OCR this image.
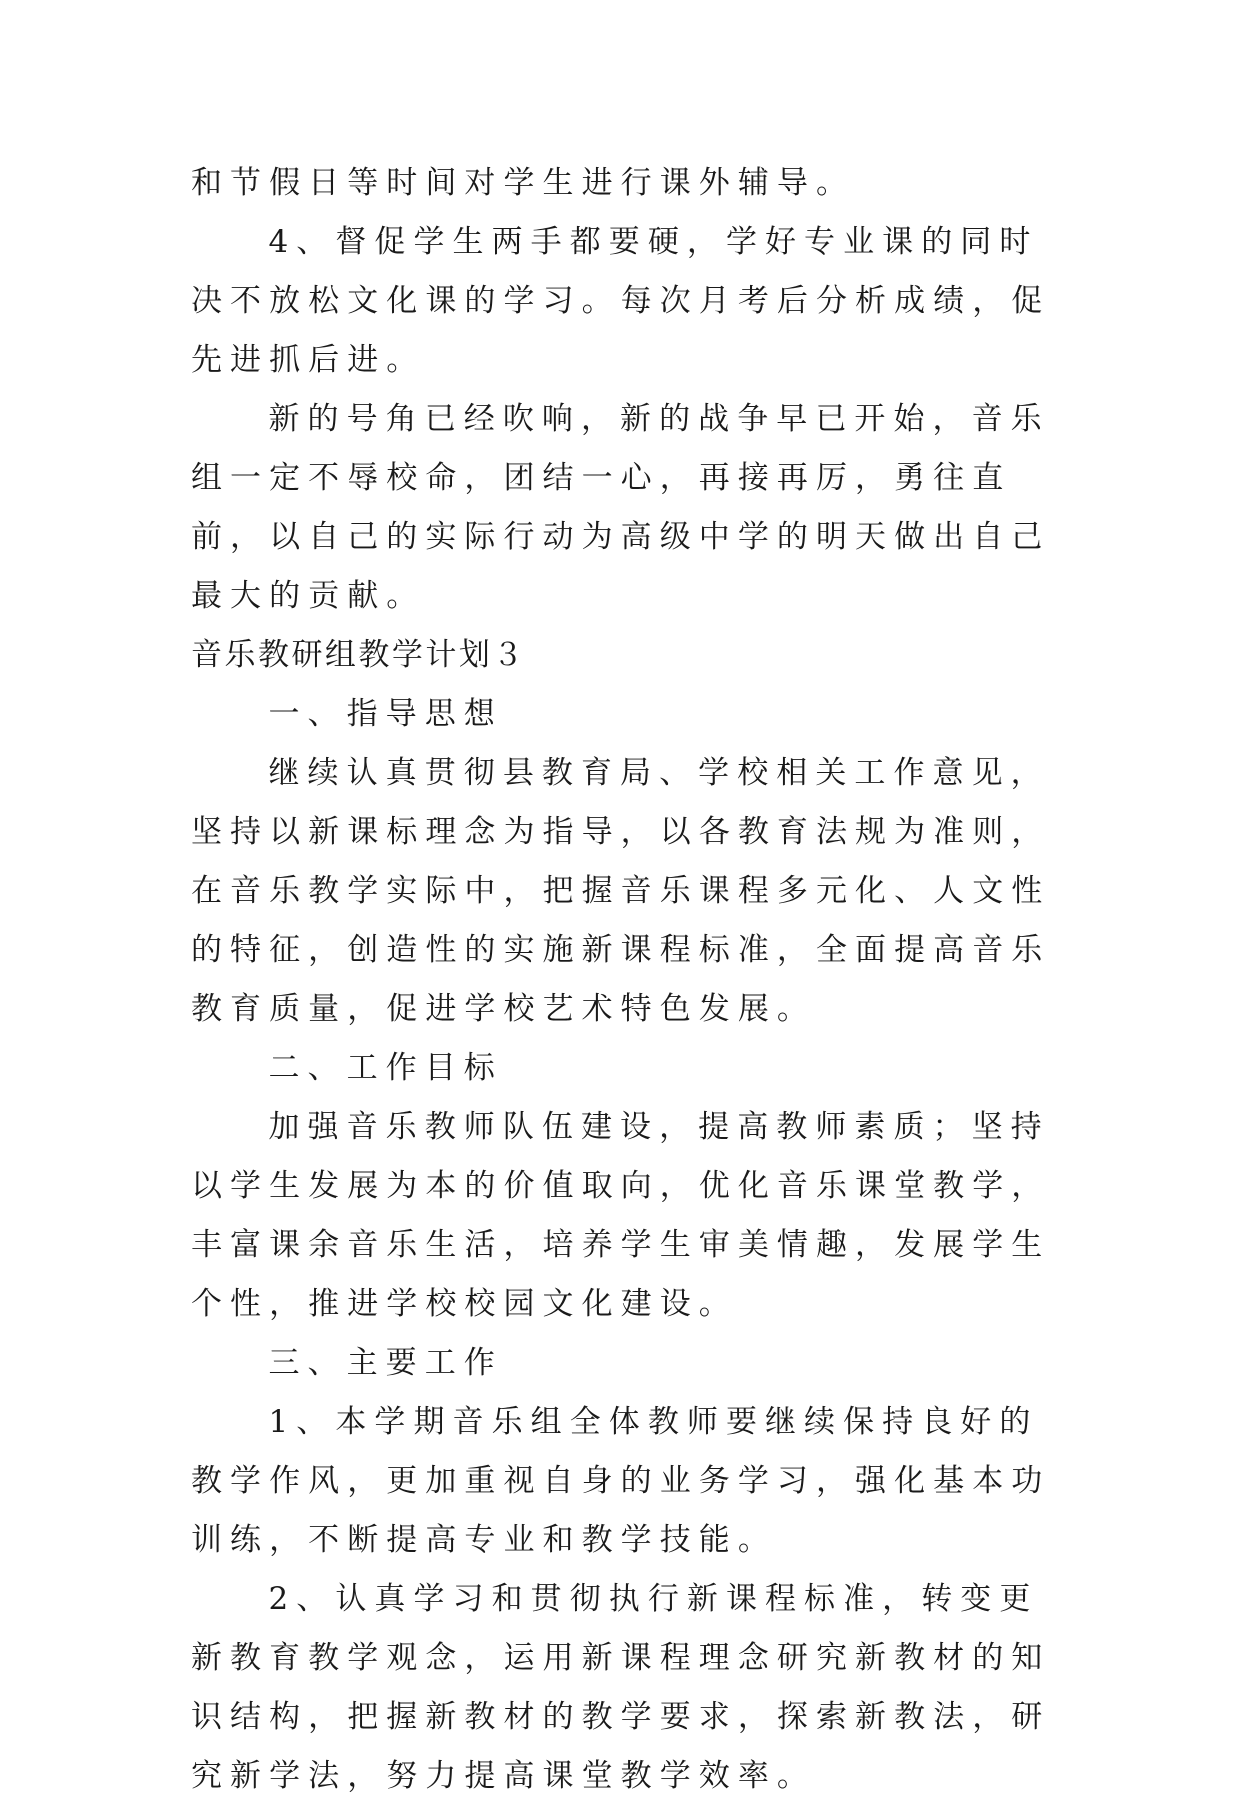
和节假日等时间对学生进行课外辅导。

4、督促学生两手都要硬，学好专业课的同时决不放松文化课的学习。每次月考后分析成绩，促先进抓后进。

新的号角已经吹响，新的战争早已开始，音乐组一定不辱校命，团结一心，再接再厉，勇往直前，以自己的实际行动为高级中学的明天做出自己最大的贡献。

音乐教研组教学计划３

一、指导思想

继续认真贯彻县教育局、学校相关工作意见，坚持以新课标理念为指导，以各教育法规为准则，在音乐教学实际中，把握音乐课程多元化、人文性的特征，创造性的实施新课程标准，全面提高音乐教育质量，促进学校艺术特色发展。

二、工作目标

加强音乐教师队伍建设，提高教师素质；坚持以学生发展为本的价值取向，优化音乐课堂教学，丰富课余音乐生活，培养学生审美情趣，发展学生个性，推进学校校园文化建设。

三、主要工作

1、本学期音乐组全体教师要继续保持良好的教学作风，更加重视自身的业务学习，强化基本功训练，不断提高专业和教学技能。

2、认真学习和贯彻执行新课程标准，转变更新教育教学观念，运用新课程理念研究新教材的知识结构，把握新教材的教学要求，探索新教法，研究新学法，努力提高课堂教学效率。
